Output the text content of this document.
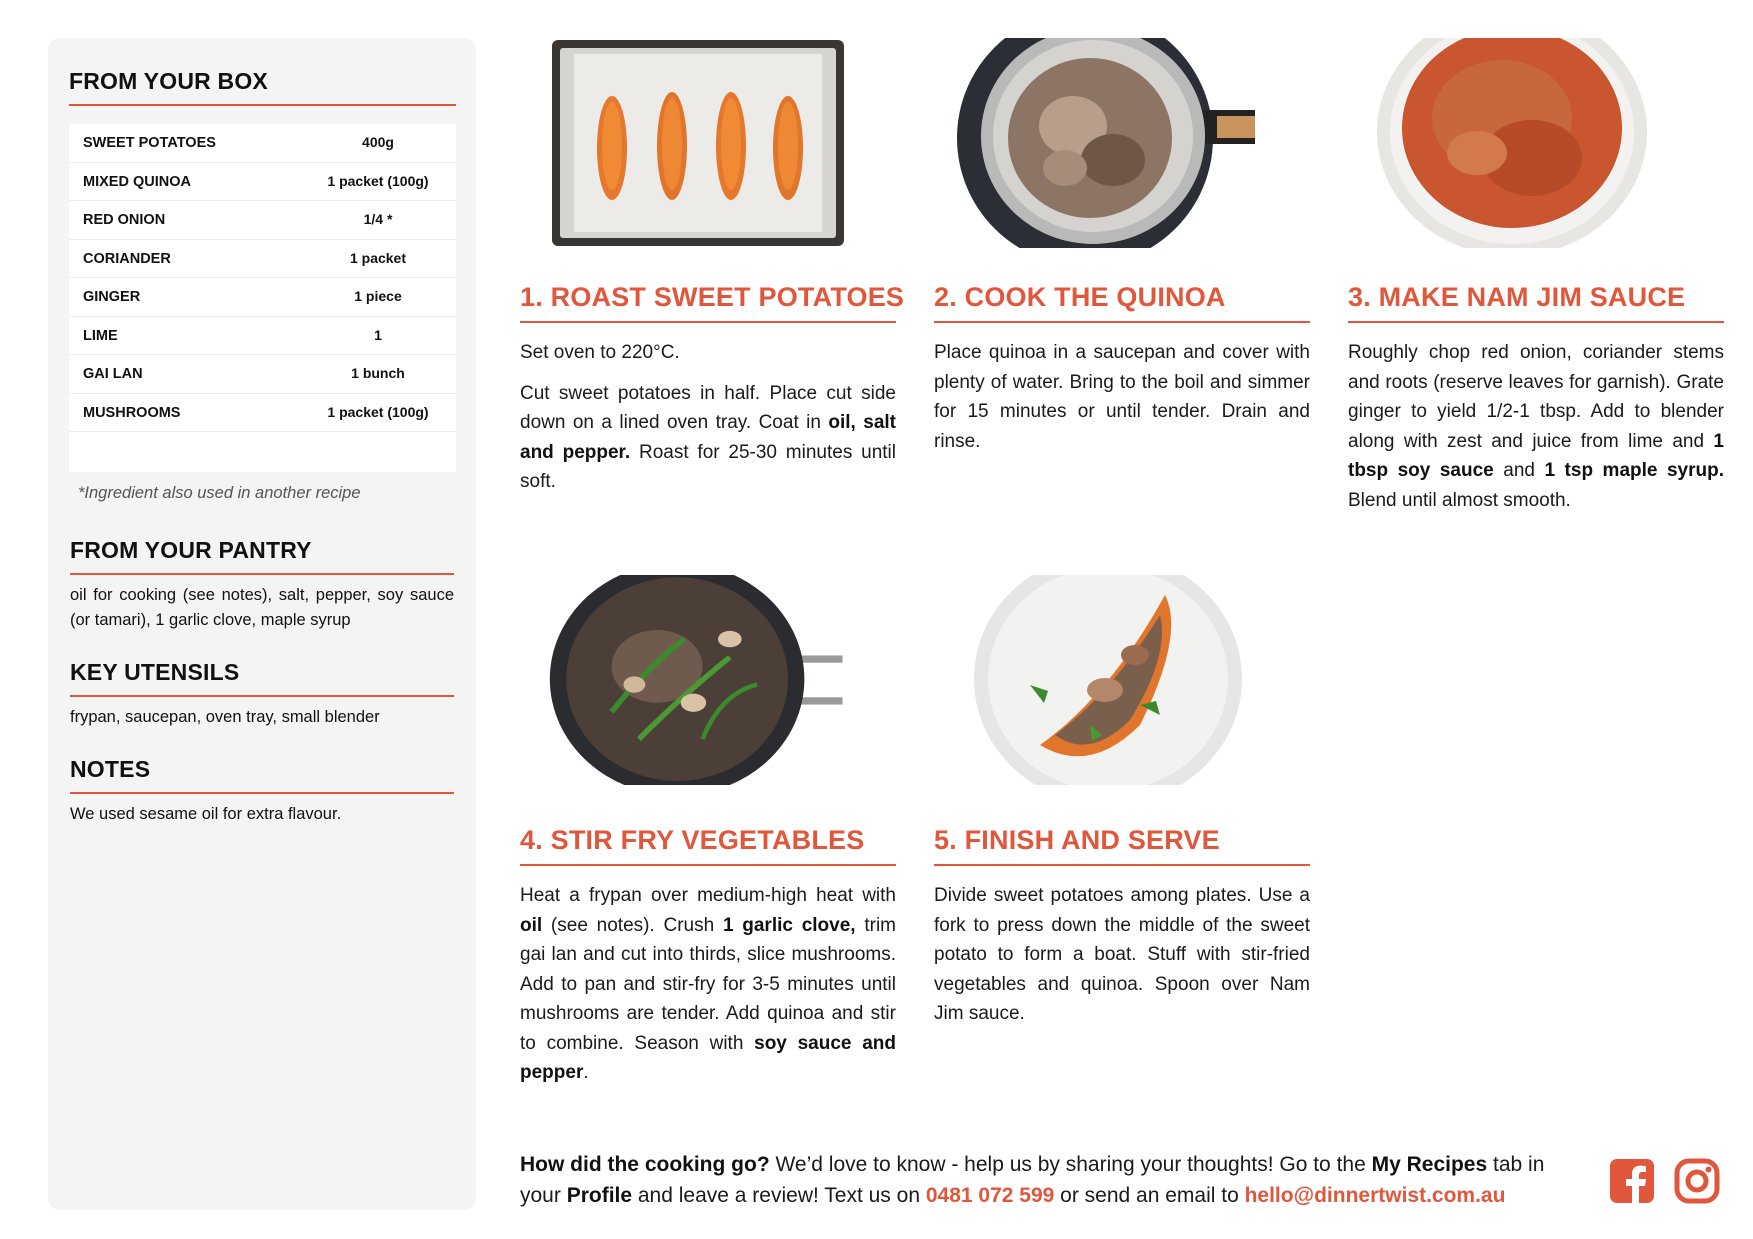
FROM YOUR BOX
SWEET POTATOES	400g
MIXED QUINOA	1 packet (100g)
RED ONION	1/4 *
CORIANDER	1 packet
GINGER	1 piece
LIME	1
GAI LAN	1 bunch
MUSHROOMS	1 packet (100g)
*Ingredient also used in another recipe
FROM YOUR PANTRY
oil for cooking (see notes), salt, pepper, soy sauce (or tamari), 1 garlic clove, maple syrup
KEY UTENSILS
frypan, saucepan, oven tray, small blender
NOTES
We used sesame oil for extra flavour.
1. ROAST SWEET POTATOES

Set oven to 220°C.

Cut sweet potatoes in half. Place cut side down on a lined oven tray. Coat in oil, salt and pepper. Roast for 25-30 minutes until soft.

2. COOK THE QUINOA

Place quinoa in a saucepan and cover with plenty of water. Bring to the boil and simmer for 15 minutes or until tender. Drain and rinse.

3. MAKE NAM JIM SAUCE

Roughly chop red onion, coriander stems and roots (reserve leaves for garnish). Grate ginger to yield 1/2-1 tbsp. Add to blender along with zest and juice from lime and 1 tbsp soy sauce and 1 tsp maple syrup. Blend until almost smooth.

4. STIR FRY VEGETABLES

Heat a frypan over medium-high heat with oil (see notes). Crush 1 garlic clove, trim gai lan and cut into thirds, slice mushrooms. Add to pan and stir-fry for 3-5 minutes until mushrooms are tender. Add quinoa and stir to combine. Season with soy sauce and pepper.

5. FINISH AND SERVE

Divide sweet potatoes among plates. Use a fork to press down the middle of the sweet potato to form a boat. Stuff with stir-fried vegetables and quinoa. Spoon over Nam Jim sauce.

How did the cooking go? We’d love to know - help us by sharing your thoughts! Go to the My Recipes tab in your Profile and leave a review! Text us on 0481 072 599 or send an email to hello@dinnertwist.com.au
